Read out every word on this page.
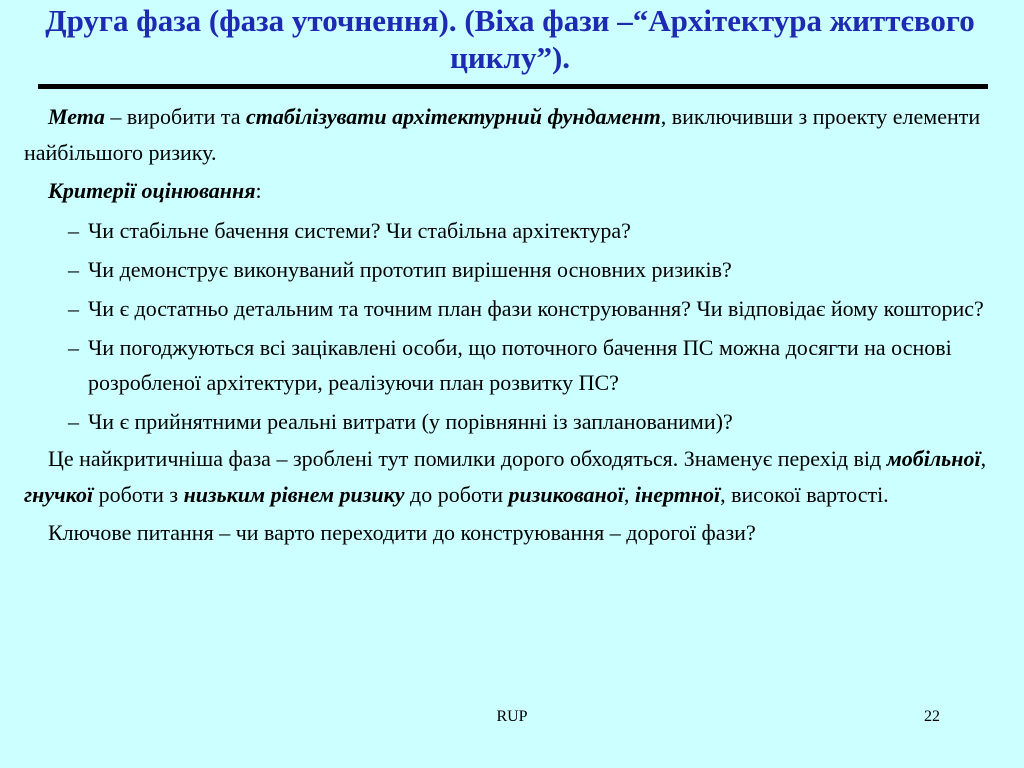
Друга фаза (фаза уточнення). (Віха фази –“Архітектура життєвого циклу”).

Мета – виробити та стабілізувати архітектурний фундамент, виключивши з проекту елементи найбільшого ризику.

Критерії оцінювання:

– Чи стабільне бачення системи? Чи стабільна архітектура?
– Чи демонструє виконуваний прототип вирішення основних ризиків?
– Чи є достатньо детальним та точним план фази конструювання? Чи відповідає йому кошторис?
– Чи погоджуються всі зацікавлені особи, що поточного бачення ПС можна досягти на основі розробленої архітектури, реалізуючи план розвитку ПС?
– Чи є прийнятними реальні витрати (у порівнянні із запланованими)?

Це найкритичніша фаза – зроблені тут помилки дорого обходяться. Знаменує перехід від мобільної, гнучкої роботи з низьким рівнем ризику до роботи ризикованої, інертної, високої вартості.

Ключове питання – чи варто переходити до конструювання – дорогої фази?

RUP	22
